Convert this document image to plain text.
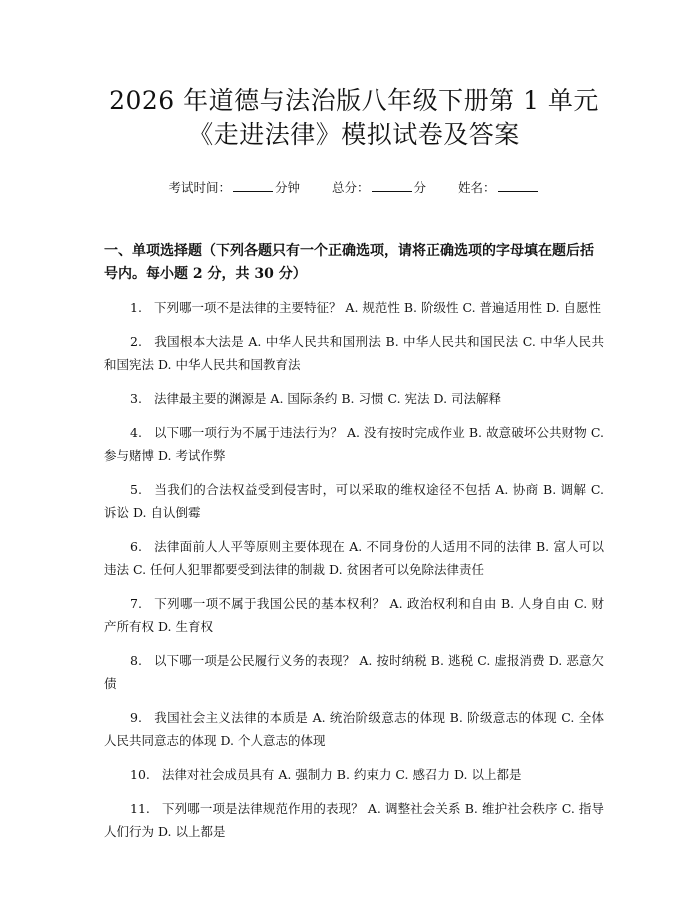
2026 年道德与法治版八年级下册第 1 单元
《走进法律》模拟试卷及答案
考试时间：	分钟	总分：	分	姓名：
一、单项选择题（下列各题只有一个正确选项，请将正确选项的字母填在题后括号内。每小题 2 分，共 30 分）
1. 下列哪一项不是法律的主要特征？ A. 规范性 B. 阶级性 C. 普遍适用性 D. 自愿性
2. 我国根本大法是 A. 中华人民共和国刑法 B. 中华人民共和国民法 C. 中华人民共和国宪法 D. 中华人民共和国教育法
3. 法律最主要的渊源是 A. 国际条约 B. 习惯 C. 宪法 D. 司法解释
4. 以下哪一项行为不属于违法行为？ A. 没有按时完成作业 B. 故意破坏公共财物 C. 参与赌博 D. 考试作弊
5. 当我们的合法权益受到侵害时，可以采取的维权途径不包括 A. 协商 B. 调解 C. 诉讼 D. 自认倒霉
6. 法律面前人人平等原则主要体现在 A. 不同身份的人适用不同的法律 B. 富人可以违法 C. 任何人犯罪都要受到法律的制裁 D. 贫困者可以免除法律责任
7. 下列哪一项不属于我国公民的基本权利？ A. 政治权利和自由 B. 人身自由 C. 财产所有权 D. 生育权
8. 以下哪一项是公民履行义务的表现？ A. 按时纳税 B. 逃税 C. 虚报消费 D. 恶意欠债
9. 我国社会主义法律的本质是 A. 统治阶级意志的体现 B. 阶级意志的体现 C. 全体人民共同意志的体现 D. 个人意志的体现
10. 法律对社会成员具有 A. 强制力 B. 约束力 C. 感召力 D. 以上都是
11. 下列哪一项是法律规范作用的表现？ A. 调整社会关系 B. 维护社会秩序 C. 指导人们行为 D. 以上都是
